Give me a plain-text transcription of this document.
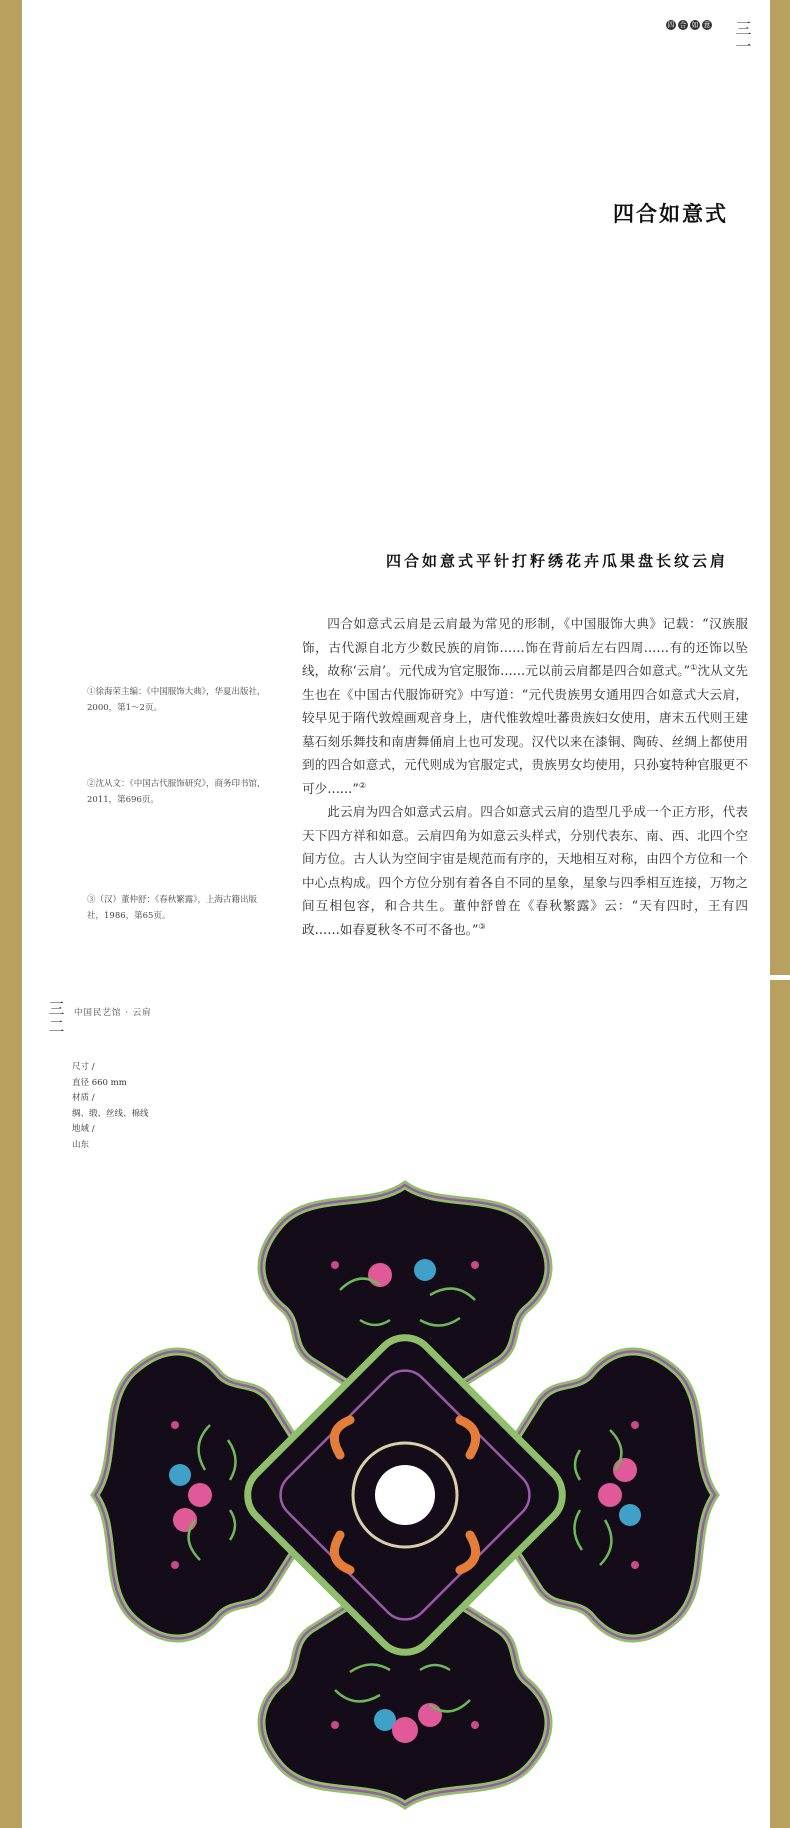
四 合 如 意 三一
四合如意式
四合如意式平针打籽绣花卉瓜果盘长纹云肩
①徐海荣主编：《中国服饰大典》，华夏出版社，2000，第1～2页。
②沈从文：《中国古代服饰研究》，商务印书馆，2011，第696页。
③（汉）董仲舒：《春秋繁露》，上海古籍出版社，1986，第65页。

四合如意式云肩是云肩最为常见的形制，《中国服饰大典》记载：“汉族服饰，古代源自北方少数民族的肩饰……饰在背前后左右四周……有的还饰以坠线，故称‘云肩’。元代成为官定服饰……元以前云肩都是四合如意式。”①沈从文先生也在《中国古代服饰研究》中写道：“元代贵族男女通用四合如意式大云肩，较早见于隋代敦煌画观音身上，唐代惟敦煌吐蕃贵族妇女使用，唐末五代则王建墓石刻乐舞技和南唐舞俑肩上也可发现。汉代以来在漆铜、陶砖、丝绸上都使用到的四合如意式，元代则成为官服定式，贵族男女均使用，只孙宴特种官服更不可少……”②

此云肩为四合如意式云肩。四合如意式云肩的造型几乎成一个正方形，代表天下四方祥和如意。云肩四角为如意云头样式，分别代表东、南、西、北四个空间方位。古人认为空间宇宙是规范而有序的，天地相互对称，由四个方位和一个中心点构成。四个方位分别有着各自不同的星象，星象与四季相互连接，万物之间互相包容，和合共生。董仲舒曾在《春秋繁露》云：“天有四时，王有四政……如春夏秋冬不可不备也。”③

三二 中国民艺馆 · 云肩
尺寸 /
直径 660 mm
材质 /
绸、缎、丝线、棉线
地域 /
山东
